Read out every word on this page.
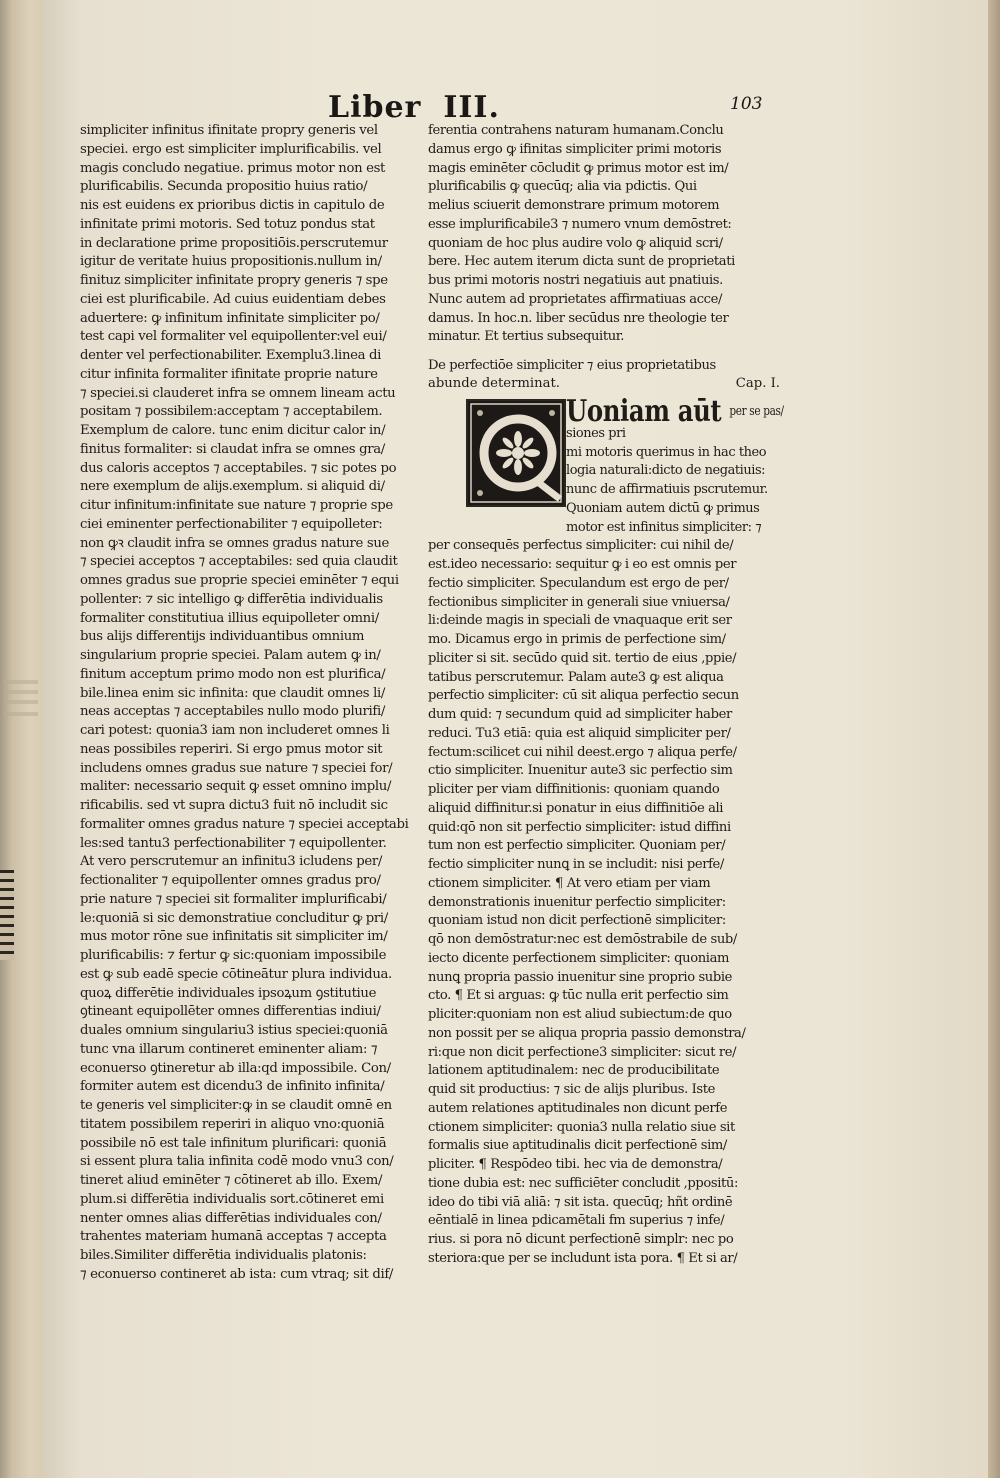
Liber III.	103
simpliciter infinitus ifinitate propry generis vel
speciei. ergo est simpliciter implurificabilis. vel
magis concludo negatiue. primus motor non est
plurificabilis. Secunda propositio huius ratio/
nis est euidens ex prioribus dictis in capitulo de
infinitate primi motoris. Sed totuz pondus stat
in declaratione prime propositiōis.perscrutemur
igitur de veritate huius propositionis.nullum in/
finituz simpliciter infinitate propry generis ⁊ spe
ciei est plurificabile. Ad cuius euidentiam debes
aduertere: ꝙ infinitum infinitate simpliciter po/
test capi vel formaliter vel equipollenter:vel eui/
denter vel perfectionabiliter. Exemplu3.linea di
citur infinita formaliter ifinitate proprie nature
⁊ speciei.si clauderet infra se omnem lineam actu
positam ⁊ possibilem:acceptam ⁊ acceptabilem.
Exemplum de calore. tunc enim dicitur calor in/
finitus formaliter: si claudat infra se omnes gra/
dus caloris acceptos ⁊ acceptabiles. ⁊ sic potes po
nere exemplum de alijs.exemplum. si aliquid di/
citur infinitum:infinitate sue nature ⁊ proprie spe
ciei eminenter perfectionabiliter ⁊ equipolleter:
non ꝙꝛ claudit infra se omnes gradus nature sue
⁊ speciei acceptos ⁊ acceptabiles: sed quia claudit
omnes gradus sue proprie speciei eminēter ⁊ equi
pollenter: ⁊ sic intelligo ꝙ differētia individualis
formaliter constitutiua illius equipolleter omni/
bus alijs differentijs individuantibus omnium
singularium proprie speciei. Palam autem ꝙ in/
finitum acceptum primo modo non est plurifica/
bile.linea enim sic infinita: que claudit omnes li/
neas acceptas ⁊ acceptabiles nullo modo plurifi/
cari potest: quonia3 iam non includeret omnes li
neas possibiles reperiri. Si ergo pmus motor sit
includens omnes gradus sue nature ⁊ speciei for/
maliter: necessario sequit ꝙ esset omnino implu/
rificabilis. sed vt supra dictu3 fuit nō includit sic
formaliter omnes gradus nature ⁊ speciei acceptabi
les:sed tantu3 perfectionabiliter ⁊ equipollenter.
At vero perscrutemur an infinitu3 icludens per/
fectionaliter ⁊ equipollenter omnes gradus pro/
prie nature ⁊ speciei sit formaliter implurificabi/
le:quoniā si sic demonstratiue concluditur ꝙ pri/
mus motor rōne sue infinitatis sit simpliciter im/
plurificabilis: ⁊ fertur ꝙ sic:quoniam impossibile
est ꝙ sub eadē specie cōtineātur plura individua.
quoꝝ differētie individuales ipsoꝝum ꝯstitutiue
ꝯtineant equipollēter omnes differentias indiui/
duales omnium singulariu3 istius speciei:quoniā
tunc vna illarum contineret eminenter aliam: ⁊
econuerso ꝯtineretur ab illa:qd impossibile. Con/
formiter autem est dicendu3 de infinito infinita/
te generis vel simpliciter:ꝙ in se claudit omnē en
titatem possibilem reperiri in aliquo vno:quoniā
possibile nō est tale infinitum plurificari: quoniā
si essent plura talia infinita codē modo vnu3 con/
tineret aliud eminēter ⁊ cōtineret ab illo. Exem/
plum.si differētia individualis sort.cōtineret emi
nenter omnes alias differētias individuales con/
trahentes materiam humanā acceptas ⁊ accepta
biles.Similiter differētia individualis platonis:
⁊ econuerso contineret ab ista: cum vtraq; sit dif/
ferentia contrahens naturam humanam.Conclu
damus ergo ꝙ ifinitas simpliciter primi motoris
magis eminēter cōcludit ꝙ primus motor est im/
plurificabilis ꝙ quecūq; alia via pdictis. Qui
melius sciuerit demonstrare primum motorem
esse implurificabile3 ⁊ numero vnum demōstret:
quoniam de hoc plus audire volo ꝙ aliquid scri/
bere. Hec autem iterum dicta sunt de proprietati
bus primi motoris nostri negatiuis aut pnatiuis.
Nunc autem ad proprietates affirmatiuas acce/
damus. In hoc.n. liber secūdus nre theologie ter
minatur. Et tertius subsequitur.
De perfectiōe simpliciter ⁊ eius proprietatibus
abunde determinat.	Cap. I.
Uoniam aūt $^{per se pas/}$
siones pri
mi motoris querimus in hac theo
logia naturali:dicto de negatiuis:
nunc de affirmatiuis pscrutemur.
Quoniam autem dictū ꝙ primus
motor est infinitus simpliciter: ⁊
per consequēs perfectus simpliciter: cui nihil de/
est.ideo necessario: sequitur ꝙ i eo est omnis per
fectio simpliciter. Speculandum est ergo de per/
fectionibus simpliciter in generali siue vniuersa/
li:deinde magis in speciali de vnaquaque erit ser
mo. Dicamus ergo in primis de perfectione sim/
pliciter si sit. secūdo quid sit. tertio de eius ,ppie/
tatibus perscrutemur. Palam aute3 ꝙ est aliqua
perfectio simpliciter: cū sit aliqua perfectio secun
dum quid: ⁊ secundum quid ad simpliciter haber
reduci. Tu3 etiā: quia est aliquid simpliciter per/
fectum:scilicet cui nihil deest.ergo ⁊ aliqua perfe/
ctio simpliciter. Inuenitur aute3 sic perfectio sim
pliciter per viam diffinitionis: quoniam quando
aliquid diffinitur.si ponatur in eius diffinitiōe ali
quid:qō non sit perfectio simpliciter: istud diffini
tum non est perfectio simpliciter. Quoniam per/
fectio simpliciter nunꝗ in se includit: nisi perfe/
ctionem simpliciter. ¶ At vero etiam per viam
demonstrationis inuenitur perfectio simpliciter:
quoniam istud non dicit perfectionē simpliciter:
qō non demōstratur:nec est demōstrabile de sub/
iecto dicente perfectionem simpliciter: quoniam
nunꝗ propria passio inuenitur sine proprio subie
cto. ¶ Et si arguas: ꝙ tūc nulla erit perfectio sim
pliciter:quoniam non est aliud subiectum:de quo
non possit per se aliqua propria passio demonstra/
ri:que non dicit perfectione3 simpliciter: sicut re/
lationem aptitudinalem: nec de producibilitate
quid sit productius: ⁊ sic de alijs pluribus. Iste
autem relationes aptitudinales non dicunt perfe
ctionem simpliciter: quonia3 nulla relatio siue sit
formalis siue aptitudinalis dicit perfectionē sim/
pliciter. ¶ Respōdeo tibi. hec via de demonstra/
tione dubia est: nec sufficiēter concludit ,ppositū:
ideo do tibi viā aliā: ⁊ sit ista. quecūq; hñt ordinē
eēntialē in linea pdicamētali fm superius ⁊ infe/
rius. si pora nō dicunt perfectionē simplr: nec po
steriora:que per se includunt ista pora. ¶ Et si ar/
